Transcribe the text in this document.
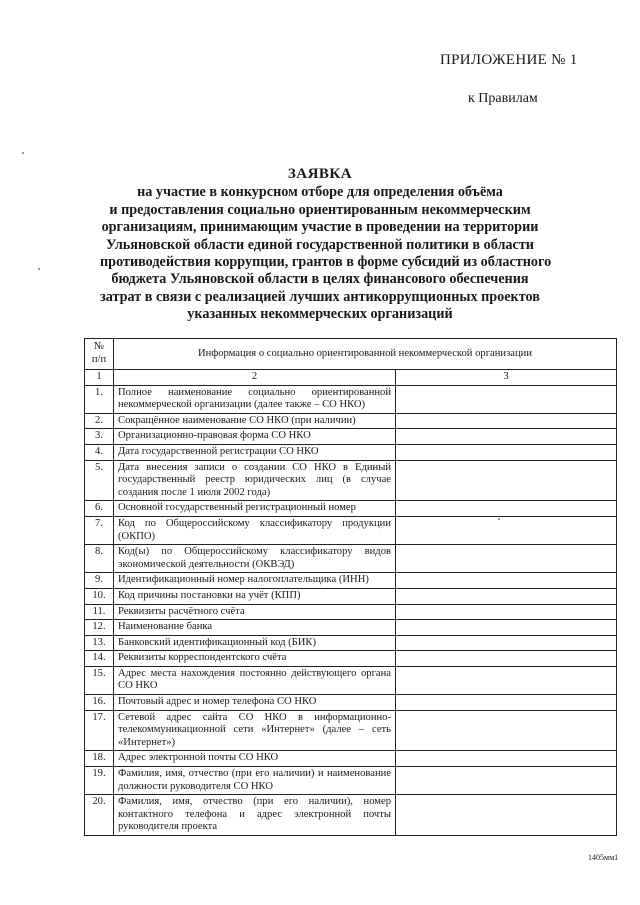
ПРИЛОЖЕНИЕ № 1
к Правилам
ЗАЯВКА
на участие в конкурсном отборе для определения объёма
и предоставления социально ориентированным некоммерческим
организациям, принимающим участие в проведении на территории
Ульяновской области единой государственной политики в области
противодействия коррупции, грантов в форме субсидий из областного
бюджета Ульяновской области в целях финансового обеспечения
затрат в связи с реализацией лучших антикоррупционных проектов
указанных некоммерческих организаций
№ п/п	Информация о социально ориентированной некоммерческой организации	
1	2	3
1.	Полное наименование социально ориентированной некоммерческой организации (далее также – СО НКО)	
2.	Сокращённое наименование СО НКО (при наличии)	
3.	Организационно-правовая форма СО НКО	
4.	Дата государственной регистрации СО НКО	
5.	Дата внесения записи о создании СО НКО в Единый государственный реестр юридических лиц (в случае создания после 1 июля 2002 года)	
6.	Основной государственный регистрационный номер	
7.	Код по Общероссийскому классификатору продукции (ОКПО)	
8.	Код(ы) по Общероссийскому классификатору видов экономической деятельности (ОКВЭД)	
9.	Идентификационный номер налогоплательщика (ИНН)	
10.	Код причины постановки на учёт (КПП)	
11.	Реквизиты расчётного счёта	
12.	Наименование банка	
13.	Банковский идентификационный код (БИК)	
14.	Реквизиты корреспондентского счёта	
15.	Адрес места нахождения постоянно действующего органа СО НКО	
16.	Почтовый адрес и номер телефона СО НКО	
17.	Сетевой адрес сайта СО НКО в информационно-телекоммуникационной сети «Интернет» (далее – сеть «Интернет»)	
18.	Адрес электронной почты СО НКО	
19.	Фамилия, имя, отчество (при его наличии) и наименование должности руководителя СО НКО	
20.	Фамилия, имя, отчество (при его наличии), номер контактного телефона и адрес электронной почты руководителя проекта	
1405мм1
